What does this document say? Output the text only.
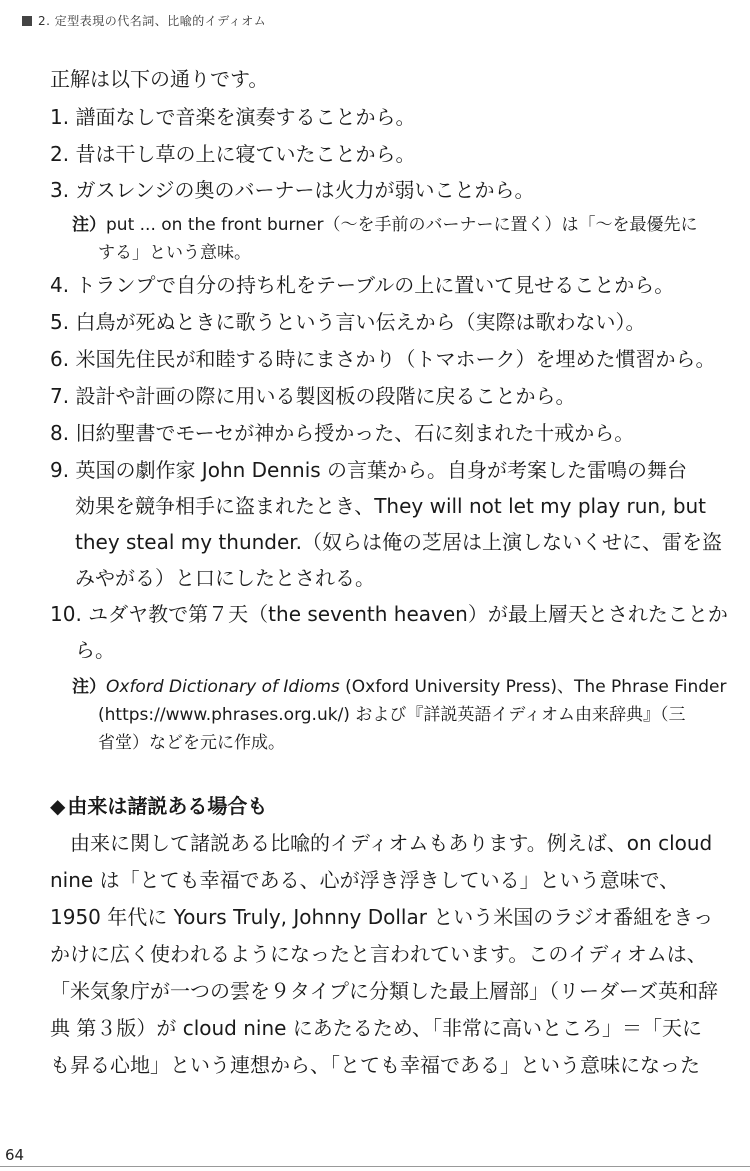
2. 定型表現の代名詞、比喩的イディオム
正解は以下の通りです。
1. 譜面なしで音楽を演奏することから。
2. 昔は干し草の上に寝ていたことから。
3. ガスレンジの奥のバーナーは火力が弱いことから。
注）put ... on the front burner（〜を手前のバーナーに置く）は「〜を最優先に
する」という意味。
4. トランプで自分の持ち札をテーブルの上に置いて見せることから。
5. 白鳥が死ぬときに歌うという言い伝えから（実際は歌わない）。
6. 米国先住民が和睦する時にまさかり（トマホーク）を埋めた慣習から。
7. 設計や計画の際に用いる製図板の段階に戻ることから。
8. 旧約聖書でモーセが神から授かった、石に刻まれた十戒から。
9. 英国の劇作家 John Dennis の言葉から。自身が考案した雷鳴の舞台
効果を競争相手に盗まれたとき、They will not let my play run, but
they steal my thunder.（奴らは俺の芝居は上演しないくせに、雷を盗
みやがる）と口にしたとされる。
10. ユダヤ教で第７天（the seventh heaven）が最上層天とされたことか
ら。
注）Oxford Dictionary of Idioms (Oxford University Press)、The Phrase Finder
(https://www.phrases.org.uk/) および『詳説英語イディオム由来辞典』（三
省堂）などを元に作成。
◆ 由来は諸説ある場合も
由来に関して諸説ある比喩的イディオムもあります。例えば、on cloud
nine は「とても幸福である、心が浮き浮きしている」という意味で、
1950 年代に Yours Truly, Johnny Dollar という米国のラジオ番組をきっ
かけに広く使われるようになったと言われています。このイディオムは、
「米気象庁が一つの雲を９タイプに分類した最上層部」（リーダーズ英和辞
典 第３版）が cloud nine にあたるため、「非常に高いところ」＝「天に
も昇る心地」という連想から、「とても幸福である」という意味になった
64
